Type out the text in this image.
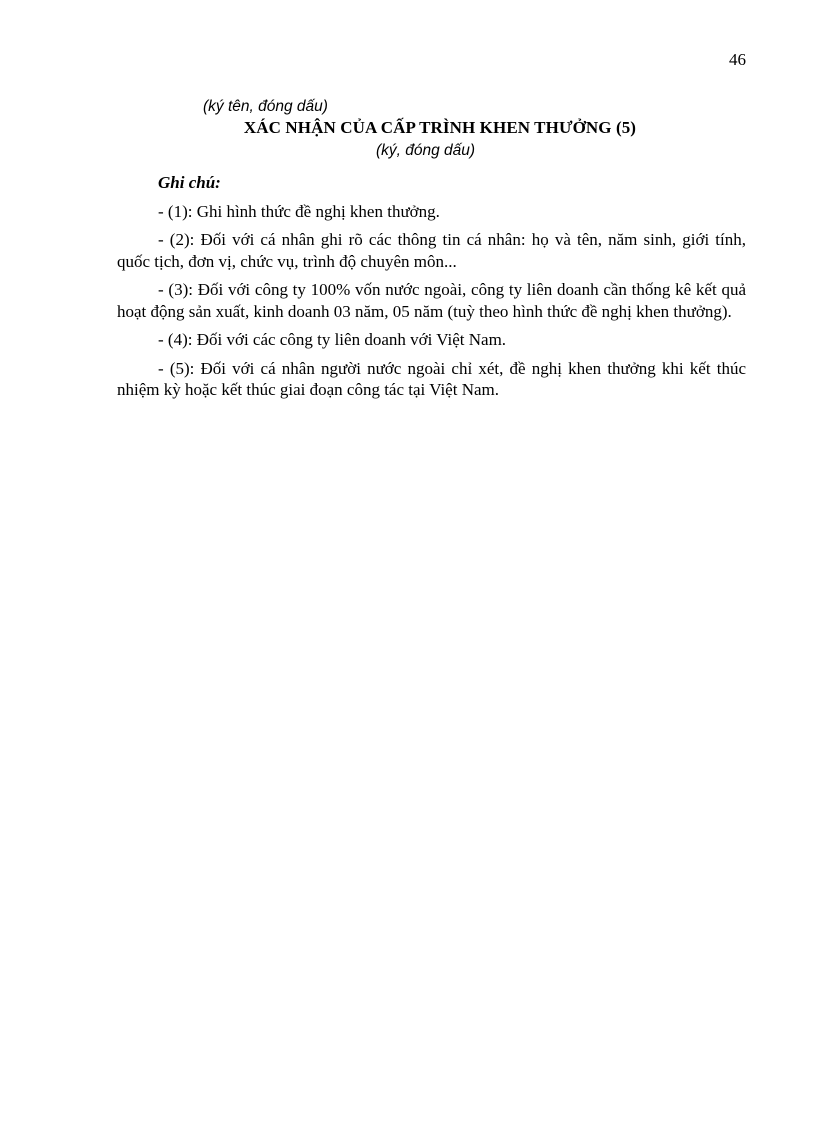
46
(ký tên, đóng dấu)
XÁC NHẬN CỦA CẤP TRÌNH KHEN THƯỞNG (5)
(ký, đóng dấu)

Ghi chú:

- (1): Ghi hình thức đề nghị khen thưởng.

- (2): Đối với cá nhân ghi rõ các thông tin cá nhân: họ và tên, năm sinh, giới tính, quốc tịch, đơn vị, chức vụ, trình độ chuyên môn...

- (3): Đối với công ty 100% vốn nước ngoài, công ty liên doanh cần thống kê kết quả hoạt động sản xuất, kinh doanh 03 năm, 05 năm (tuỳ theo hình thức đề nghị khen thưởng).

- (4): Đối với các công ty liên doanh với Việt Nam.

- (5): Đối với cá nhân người nước ngoài chỉ xét, đề nghị khen thưởng khi kết thúc nhiệm kỳ hoặc kết thúc giai đoạn công tác tại Việt Nam.
